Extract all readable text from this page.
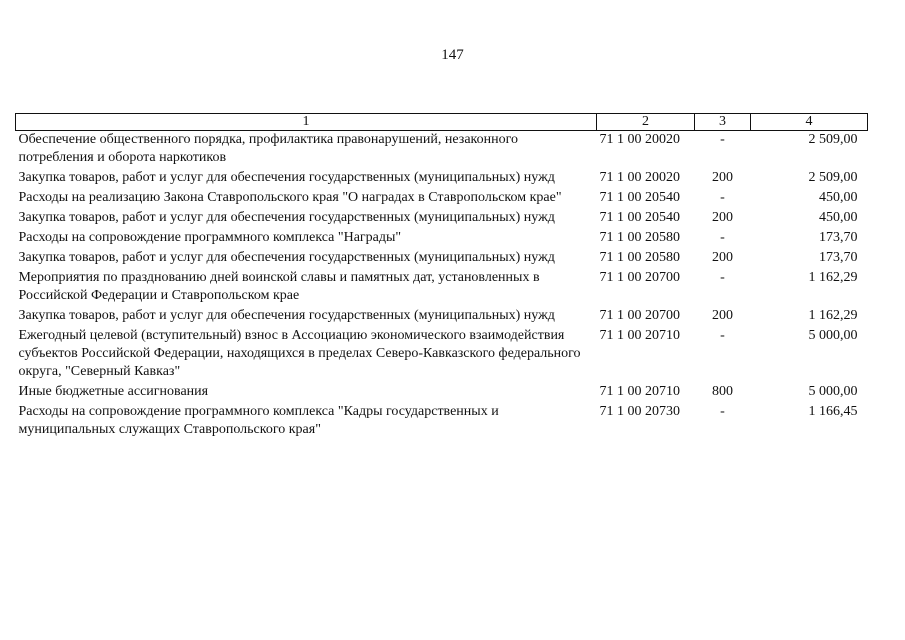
147
1	2	3	4
Обеспечение общественного порядка, профилактика правонарушений, незаконного потребления и оборота наркотиков	71 1 00 20020	-	2 509,00
Закупка товаров, работ и услуг для обеспечения государственных (муниципальных) нужд	71 1 00 20020	200	2 509,00
Расходы на реализацию Закона Ставропольского края "О наградах в Ставропольском крае"	71 1 00 20540	-	450,00
Закупка товаров, работ и услуг для обеспечения государственных (муниципальных) нужд	71 1 00 20540	200	450,00
Расходы на сопровождение программного комплекса "Награды"	71 1 00 20580	-	173,70
Закупка товаров, работ и услуг для обеспечения государственных (муниципальных) нужд	71 1 00 20580	200	173,70
Мероприятия по празднованию дней воинской славы и памятных дат, установленных в Российской Федерации и Ставропольском крае	71 1 00 20700	-	1 162,29
Закупка товаров, работ и услуг для обеспечения государственных (муниципальных) нужд	71 1 00 20700	200	1 162,29
Ежегодный целевой (вступительный) взнос в Ассоциацию экономического взаимодействия субъектов Российской Федерации, находящихся в пределах Северо-Кавказского федерального округа, "Северный Кавказ"	71 1 00 20710	-	5 000,00
Иные бюджетные ассигнования	71 1 00 20710	800	5 000,00
Расходы на сопровождение программного комплекса "Кадры государственных и муниципальных служащих Ставропольского края"	71 1 00 20730	-	1 166,45
